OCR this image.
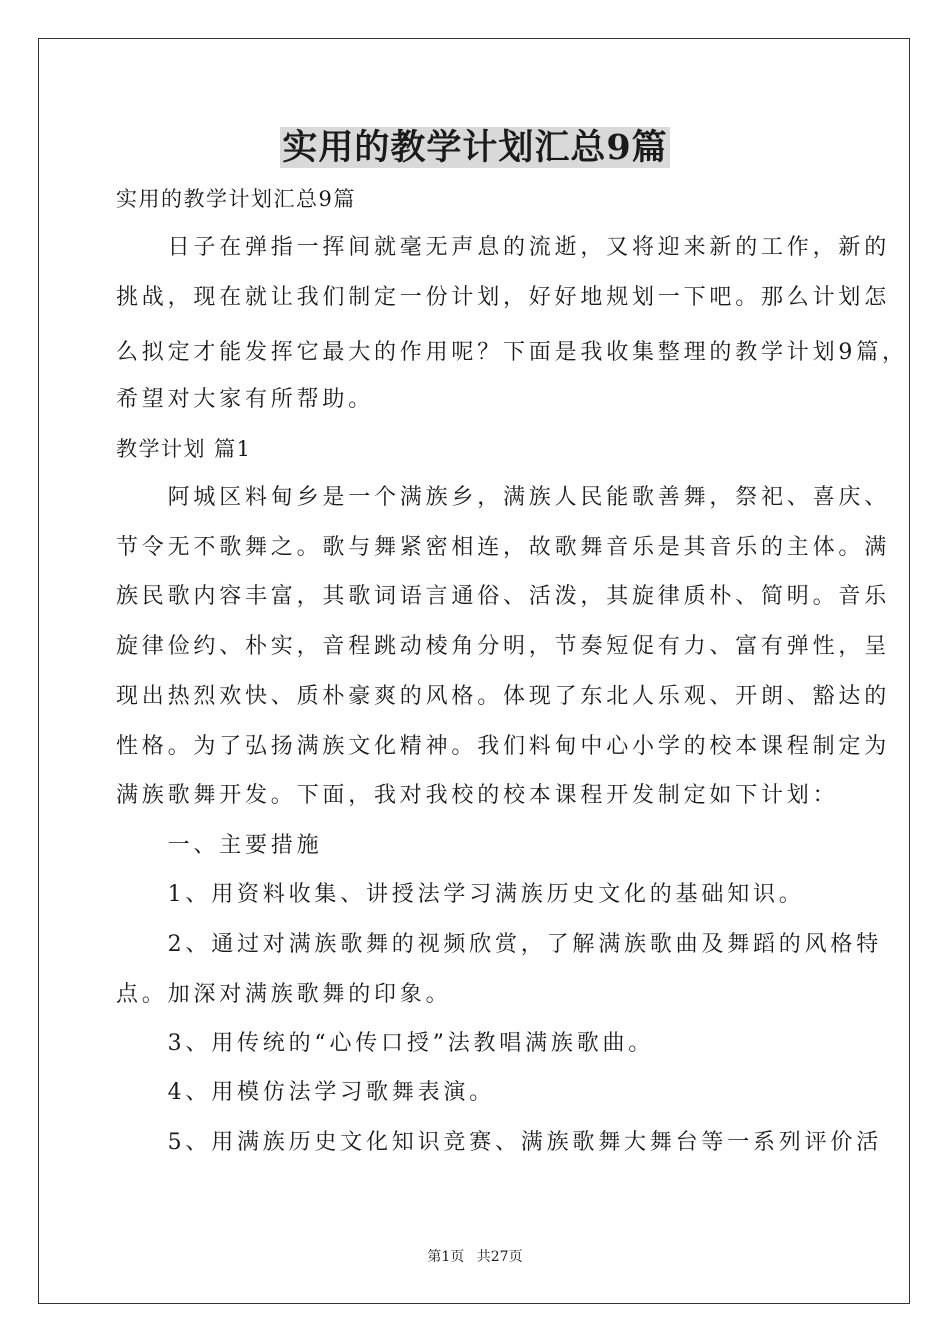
实用的教学计划汇总9篇
实用的教学计划汇总9篇
　　日子在弹指一挥间就毫无声息的流逝，又将迎来新的工作，新的
挑战，现在就让我们制定一份计划，好好地规划一下吧。那么计划怎
么拟定才能发挥它最大的作用呢？下面是我收集整理的教学计划9篇，
希望对大家有所帮助。
教学计划 篇1
　　阿城区料甸乡是一个满族乡，满族人民能歌善舞，祭祀、喜庆、
节令无不歌舞之。歌与舞紧密相连，故歌舞音乐是其音乐的主体。满
族民歌内容丰富，其歌词语言通俗、活泼，其旋律质朴、简明。音乐
旋律俭约、朴实，音程跳动棱角分明，节奏短促有力、富有弹性，呈
现出热烈欢快、质朴豪爽的风格。体现了东北人乐观、开朗、豁达的
性格。为了弘扬满族文化精神。我们料甸中心小学的校本课程制定为
满族歌舞开发。下面，我对我校的校本课程开发制定如下计划：
　　一、主要措施
　　1、用资料收集、讲授法学习满族历史文化的基础知识。
　　2、通过对满族歌舞的视频欣赏，了解满族歌曲及舞蹈的风格特
点。加深对满族歌舞的印象。
　　3、用传统的“心传口授”法教唱满族歌曲。
　　4、用模仿法学习歌舞表演。
　　5、用满族历史文化知识竞赛、满族歌舞大舞台等一系列评价活
第1页 共27页
